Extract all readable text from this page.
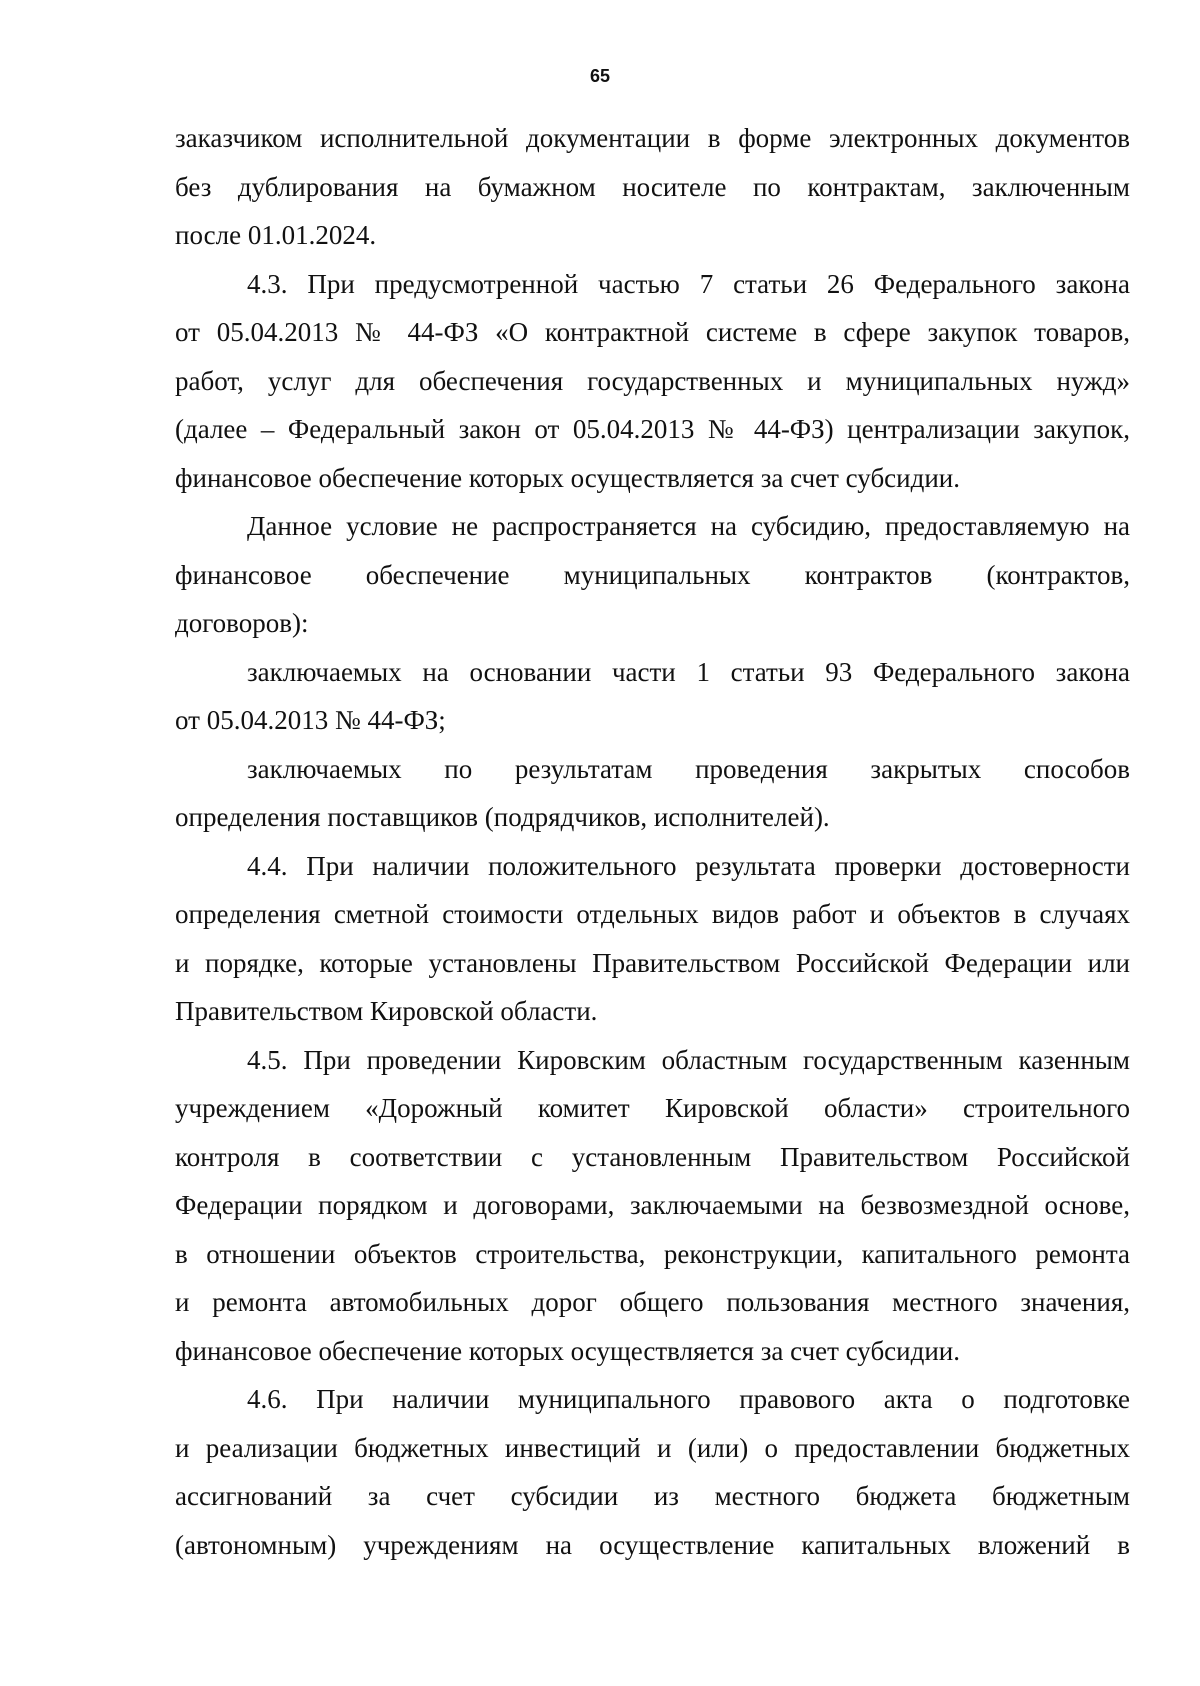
65
заказчиком исполнительной документации в форме электронных документов
без дублирования на бумажном носителе по контрактам, заключенным
после 01.01.2024.
4.3. При предусмотренной частью 7 статьи 26 Федерального закона
от 05.04.2013 № 44-ФЗ «О контрактной системе в сфере закупок товаров,
работ, услуг для обеспечения государственных и муниципальных нужд»
(далее – Федеральный закон от 05.04.2013 № 44-ФЗ) централизации закупок,
финансовое обеспечение которых осуществляется за счет субсидии.
Данное условие не распространяется на субсидию, предоставляемую на
финансовое обеспечение муниципальных контрактов (контрактов,
договоров):
заключаемых на основании части 1 статьи 93 Федерального закона
от 05.04.2013 № 44-ФЗ;
заключаемых по результатам проведения закрытых способов
определения поставщиков (подрядчиков, исполнителей).
4.4. При наличии положительного результата проверки достоверности
определения сметной стоимости отдельных видов работ и объектов в случаях
и порядке, которые установлены Правительством Российской Федерации или
Правительством Кировской области.
4.5. При проведении Кировским областным государственным казенным
учреждением «Дорожный комитет Кировской области» строительного
контроля в соответствии с установленным Правительством Российской
Федерации порядком и договорами, заключаемыми на безвозмездной основе,
в отношении объектов строительства, реконструкции, капитального ремонта
и ремонта автомобильных дорог общего пользования местного значения,
финансовое обеспечение которых осуществляется за счет субсидии.
4.6. При наличии муниципального правового акта о подготовке
и реализации бюджетных инвестиций и (или) о предоставлении бюджетных
ассигнований за счет субсидии из местного бюджета бюджетным
(автономным) учреждениям на осуществление капитальных вложений в
